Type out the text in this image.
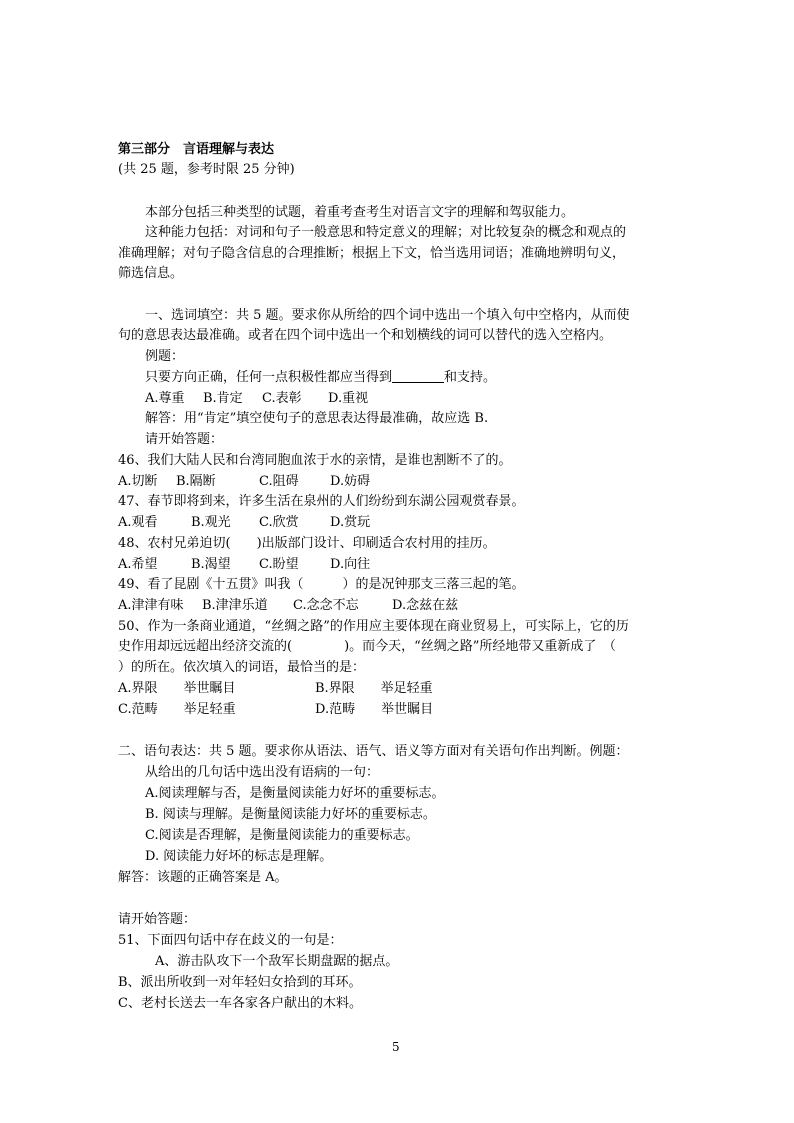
第三部分　言语理解与表达
(共 25 题，参考时限 25 分钟)
本部分包括三种类型的试题，着重考查考生对语言文字的理解和驾驭能力。
这种能力包括：对词和句子一般意思和特定意义的理解；对比较复杂的概念和观点的
准确理解；对句子隐含信息的合理推断；根据上下文，恰当选用词语；准确地辨明句义，
筛选信息。
一、选词填空：共 5 题。要求你从所给的四个词中选出一个填入句中空格内，从而使
句的意思表达最准确。或者在四个词中选出一个和划横线的词可以替代的选入空格内。
例题：
只要方向正确，任何一点积极性都应当得到	和支持。
A.尊重 B.肯定 C.表彰 D.重视
解答：用“肯定”填空使句子的意思表达得最准确，故应选 B.
请开始答题：
46、我们大陆人民和台湾同胞血浓于水的亲情，是谁也割断不了的。
A.切断 B.隔断	C.阻碍 D.妨碍
47、春节即将到来，许多生活在泉州的人们纷纷到东湖公园观赏春景。
A.观看	B.观光 C.欣赏 D.赏玩
48、农村兄弟迫切(　　)出版部门设计、印刷适合农村用的挂历。
A.希望	B.渴望 C.盼望 D.向往
49、看了昆剧《十五贯》叫我（　　　）的是况钟那支三落三起的笔。
A.津津有味 B.津津乐道 C.念念不忘	D.念兹在兹
50、作为一条商业通道，“丝绸之路”的作用应主要体现在商业贸易上，可实际上，它的历
史作用却远远超出经济交流的(　　　　)。而今天，“丝绸之路”所经地带又重新成了　（
）的所在。依次填入的词语，最恰当的是：
A.界限　　举世瞩目	B.界限　　举足轻重
C.范畴　　举足轻重	D.范畴　　举世瞩目
二、语句表达：共 5 题。要求你从语法、语气、语义等方面对有关语句作出判断。例题：
从给出的几句话中选出没有语病的一句：
A.阅读理解与否，是衡量阅读能力好坏的重要标志。
B. 阅读与理解。是衡量阅读能力好坏的重要标志。
C.阅读是否理解，是衡量阅读能力的重要标志。
D. 阅读能力好坏的标志是理解。
解答：该题的正确答案是 A。
请开始答题：
51、下面四句话中存在歧义的一句是：
A、游击队攻下一个敌军长期盘踞的据点。
B、派出所收到一对年轻妇女拾到的耳环。
C、老村长送去一车各家各户献出的木料。
5
